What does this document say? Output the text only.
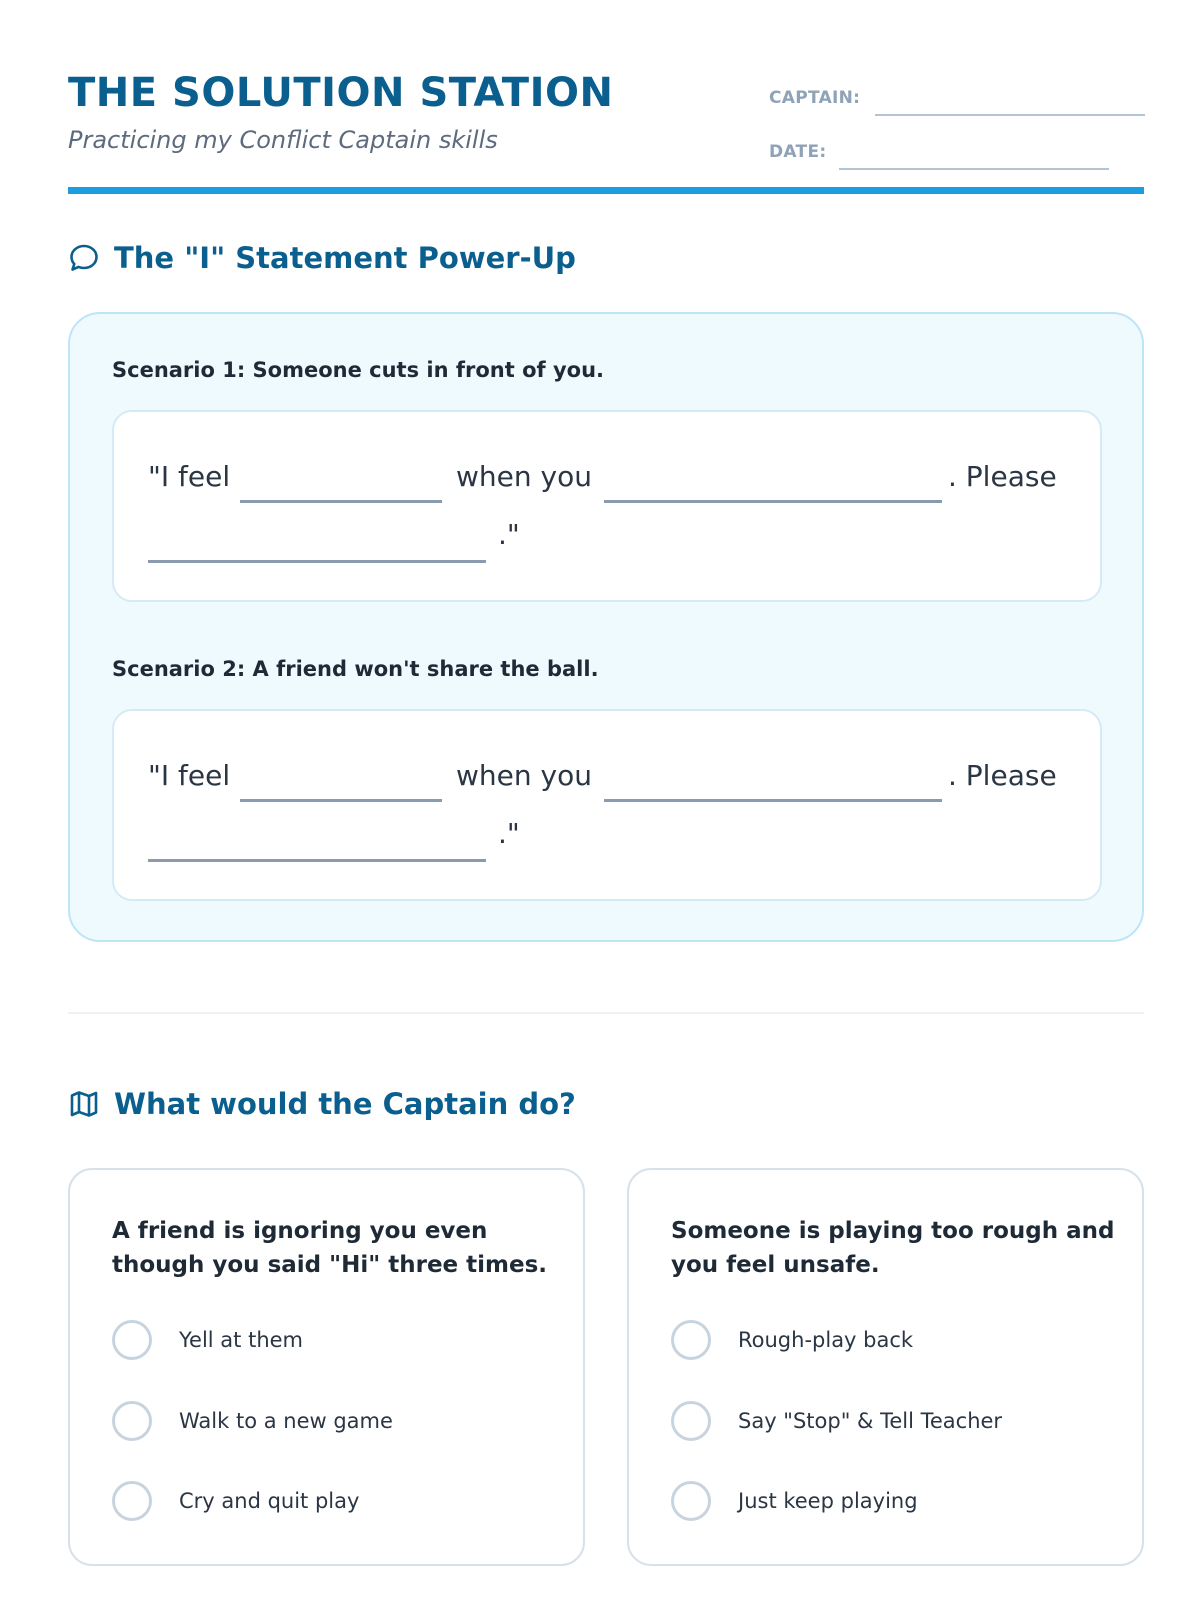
THE SOLUTION STATION
Practicing my Conflict Captain skills
CAPTAIN:
DATE:
The "I" Statement Power-Up
Scenario 1: Someone cuts in front of you.
"I feel	when you	. Please
."
Scenario 2: A friend won't share the ball.
"I feel	when you	. Please
."
What would the Captain do?
A friend is ignoring you even though you said "Hi" three times.
Yell at them
Walk to a new game
Cry and quit play
Someone is playing too rough and you feel unsafe.
Rough-play back
Say "Stop" & Tell Teacher
Just keep playing
